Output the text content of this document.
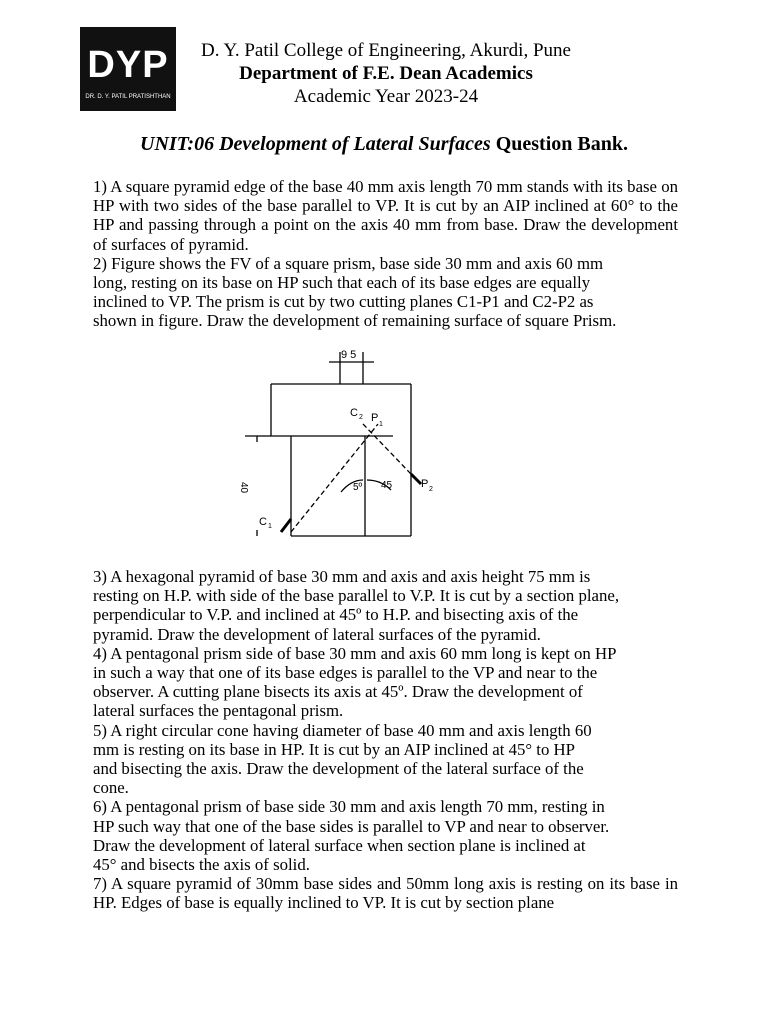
DYP
DR. D. Y. PATIL PRATISHTHAN
D. Y. Patil College of Engineering, Akurdi, Pune
Department of F.E. Dean Academics
Academic Year 2023-24
UNIT:06 Development of Lateral Surfaces Question Bank.
1) A square pyramid edge of the base 40 mm axis length 70 mm stands with its base on HP with two sides of the base parallel to VP. It is cut by an AIP inclined at 60° to the HP and passing through a point on the axis 40 mm from base. Draw the development of surfaces of pyramid.
2) Figure shows the FV of a square prism, base side 30 mm and axis 60 mm
long, resting on its base on HP such that each of its base edges are equally
inclined to VP. The prism is cut by two cutting planes C1-P1 and C2-P2 as
shown in figure. Draw the development of remaining surface of square Prism.
9 5
40
C 1
C 2 P
1
P 2
5º 45
3) A hexagonal pyramid of base 30 mm and axis and axis height 75 mm is
resting on H.P. with side of the base parallel to V.P. It is cut by a section plane,
perpendicular to V.P. and inclined at 45º to H.P. and bisecting axis of the
pyramid. Draw the development of lateral surfaces of the pyramid.
4) A pentagonal prism side of base 30 mm and axis 60 mm long is kept on HP
in such a way that one of its base edges is parallel to the VP and near to the
observer. A cutting plane bisects its axis at 45º. Draw the development of
lateral surfaces the pentagonal prism.
5) A right circular cone having diameter of base 40 mm and axis length 60
mm is resting on its base in HP. It is cut by an AIP inclined at 45° to HP
and bisecting the axis. Draw the development of the lateral surface of the
cone.
6) A pentagonal prism of base side 30 mm and axis length 70 mm, resting in
HP such way that one of the base sides is parallel to VP and near to observer.
Draw the development of lateral surface when section plane is inclined at
45° and bisects the axis of solid.
7) A square pyramid of 30mm base sides and 50mm long axis is resting on its base in HP. Edges of base is equally inclined to VP. It is cut by section plane
